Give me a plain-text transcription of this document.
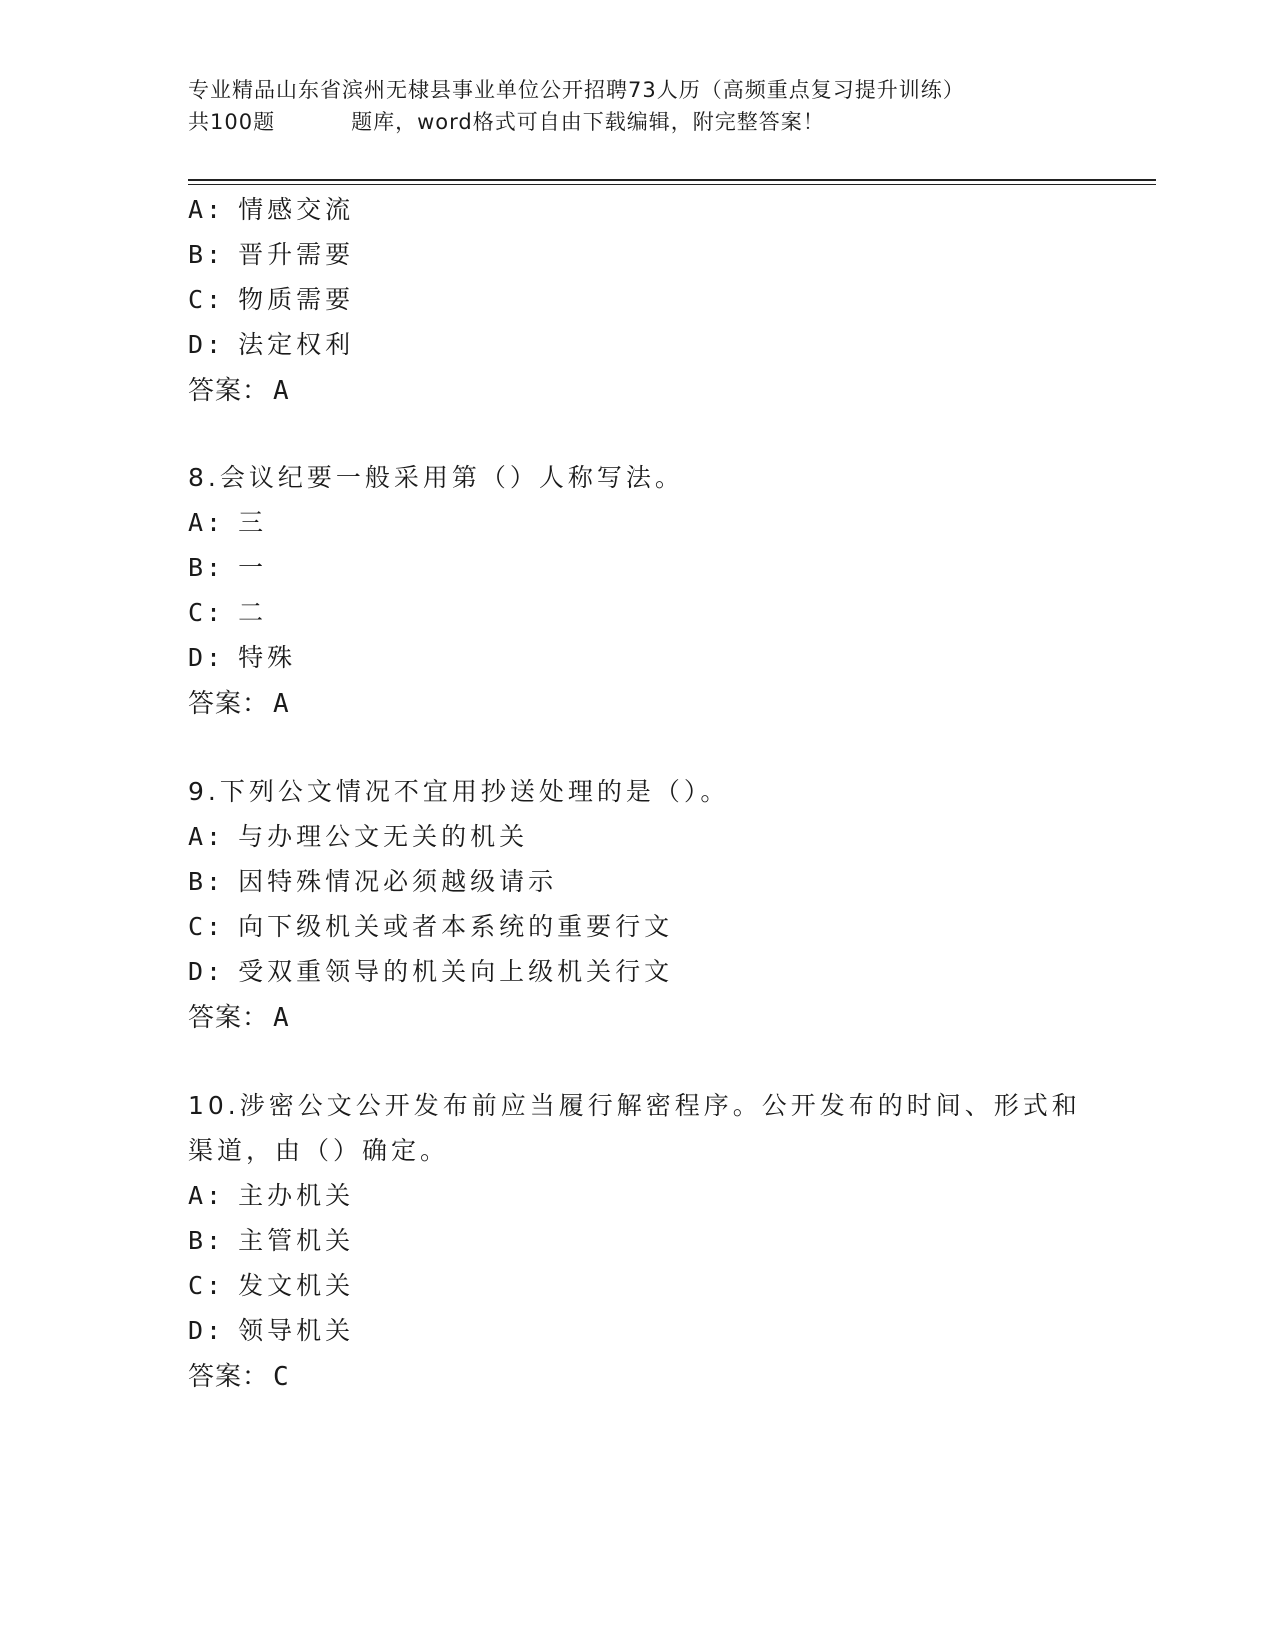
专业精品山东省滨州无棣县事业单位公开招聘73人历（高频重点复习提升训练）
共100题	题库，word格式可自由下载编辑，附完整答案！
A: 情感交流
B: 晋升需要
C: 物质需要
D: 法定权利
答案： A
8.会议纪要一般采用第（）人称写法。
A: 三
B: 一
C: 二
D: 特殊
答案： A
9.下列公文情况不宜用抄送处理的是（）。
A: 与办理公文无关的机关
B: 因特殊情况必须越级请示
C: 向下级机关或者本系统的重要行文
D: 受双重领导的机关向上级机关行文
答案： A
10.涉密公文公开发布前应当履行解密程序。公开发布的时间、形式和
渠道，由（）确定。
A: 主办机关
B: 主管机关
C: 发文机关
D: 领导机关
答案： C
